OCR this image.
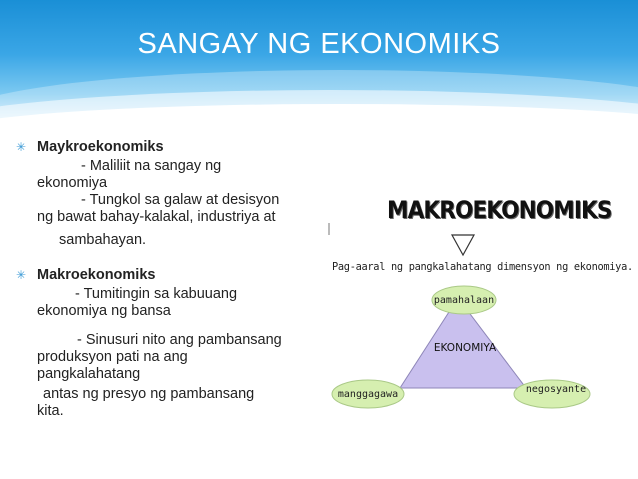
SANGAY NG EKONOMIKS
✳ Maykroekonomiks
- Maliliit na sangay ng
ekonomiya
- Tungkol sa galaw at desisyon
ng bawat bahay-kalakal, industriya at
sambahayan.
✳ Makroekonomiks
- Tumitingin sa kabuuang
ekonomiya ng bansa
- Sinusuri nito ang pambansang
produksyon pati na ang
pangkalahatang
antas ng presyo ng pambansang
kita.
MAKROEKONOMIKS
Pag-aaral ng pangkalahatang dimensyon ng ekonomiya.
pamahalaan
manggagawa	negosyante
EKONOMIYA
